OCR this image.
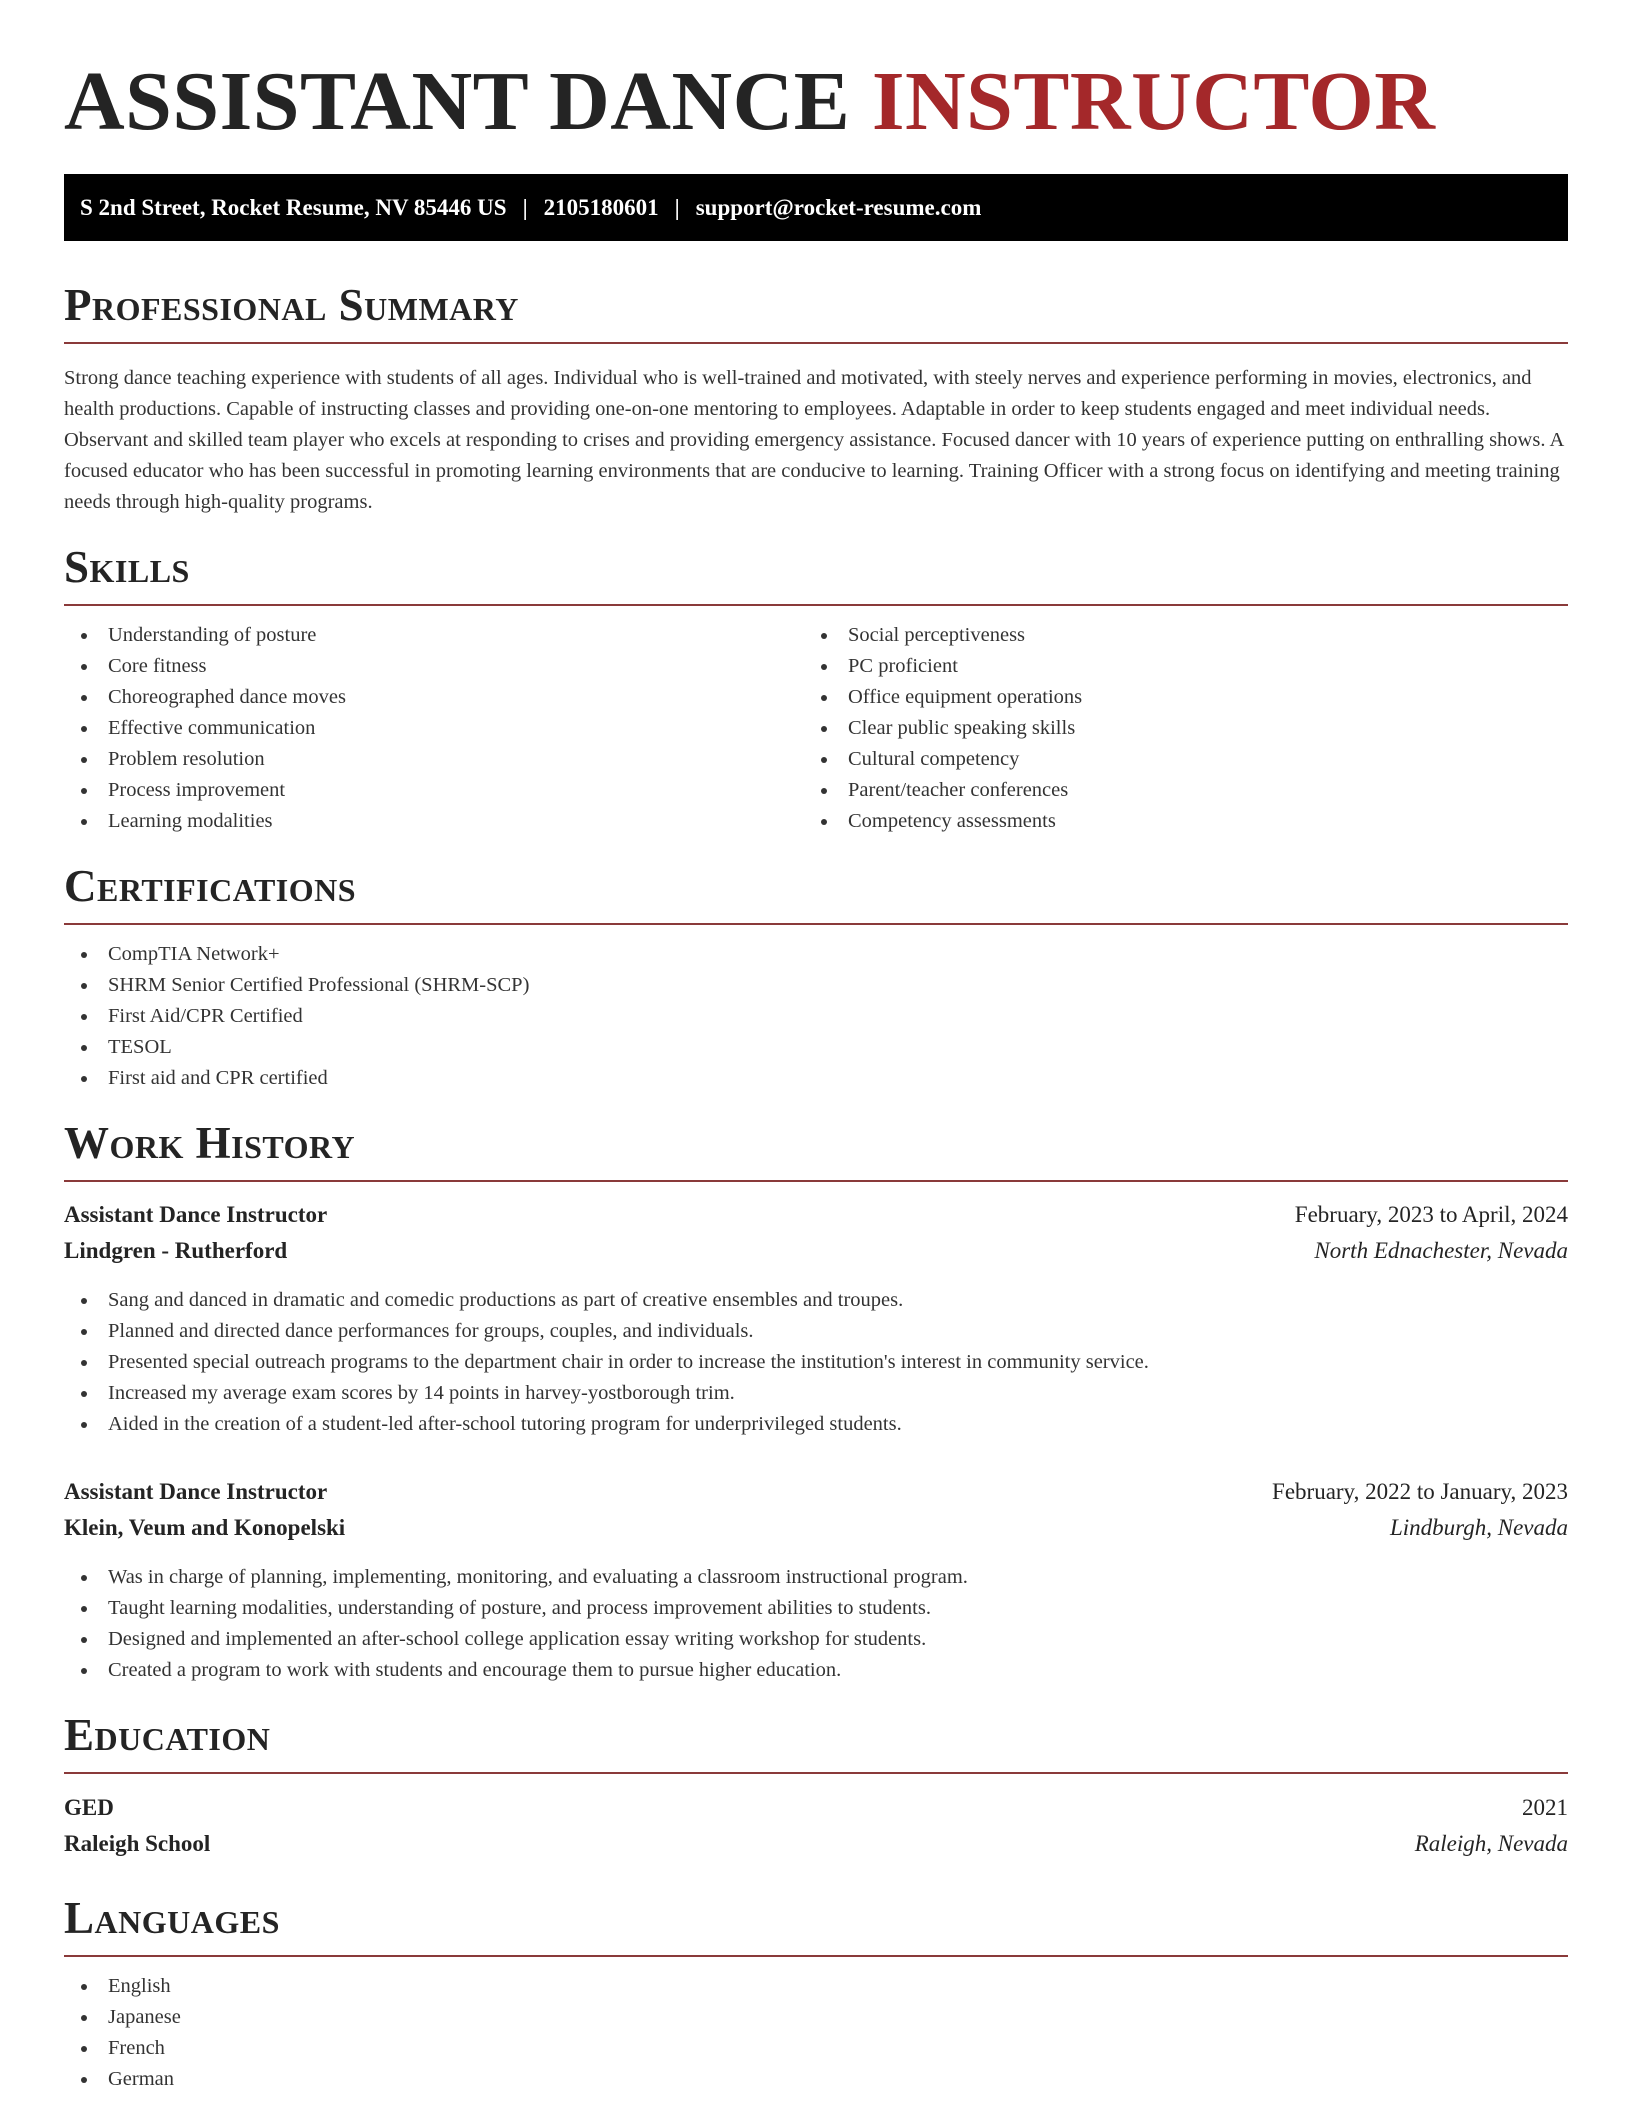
ASSISTANT DANCE INSTRUCTOR
S 2nd Street, Rocket Resume, NV 85446 US | 2105180601 | support@rocket-resume.com
Professional Summary

Strong dance teaching experience with students of all ages. Individual who is well-trained and motivated, with steely nerves and experience performing in movies, electronics, and health productions. Capable of instructing classes and providing one-on-one mentoring to employees. Adaptable in order to keep students engaged and meet individual needs. Observant and skilled team player who excels at responding to crises and providing emergency assistance. Focused dancer with 10 years of experience putting on enthralling shows. A focused educator who has been successful in promoting learning environments that are conducive to learning. Training Officer with a strong focus on identifying and meeting training needs through high-quality programs.

Skills
Understanding of posture
Core fitness
Choreographed dance moves
Effective communication
Problem resolution
Process improvement
Learning modalities
Social perceptiveness
PC proficient
Office equipment operations
Clear public speaking skills
Cultural competency
Parent/teacher conferences
Competency assessments
Certifications
CompTIA Network+
SHRM Senior Certified Professional (SHRM-SCP)
First Aid/CPR Certified
TESOL
First aid and CPR certified
Work History
Assistant Dance Instructor	February, 2023 to April, 2024
Lindgren - Rutherford	North Ednachester, Nevada
Sang and danced in dramatic and comedic productions as part of creative ensembles and troupes.
Planned and directed dance performances for groups, couples, and individuals.
Presented special outreach programs to the department chair in order to increase the institution's interest in community service.
Increased my average exam scores by 14 points in harvey-yostborough trim.
Aided in the creation of a student-led after-school tutoring program for underprivileged students.
Assistant Dance Instructor	February, 2022 to January, 2023
Klein, Veum and Konopelski	Lindburgh, Nevada
Was in charge of planning, implementing, monitoring, and evaluating a classroom instructional program.
Taught learning modalities, understanding of posture, and process improvement abilities to students.
Designed and implemented an after-school college application essay writing workshop for students.
Created a program to work with students and encourage them to pursue higher education.
Education
GED	2021
Raleigh School	Raleigh, Nevada
Languages
English
Japanese
French
German
